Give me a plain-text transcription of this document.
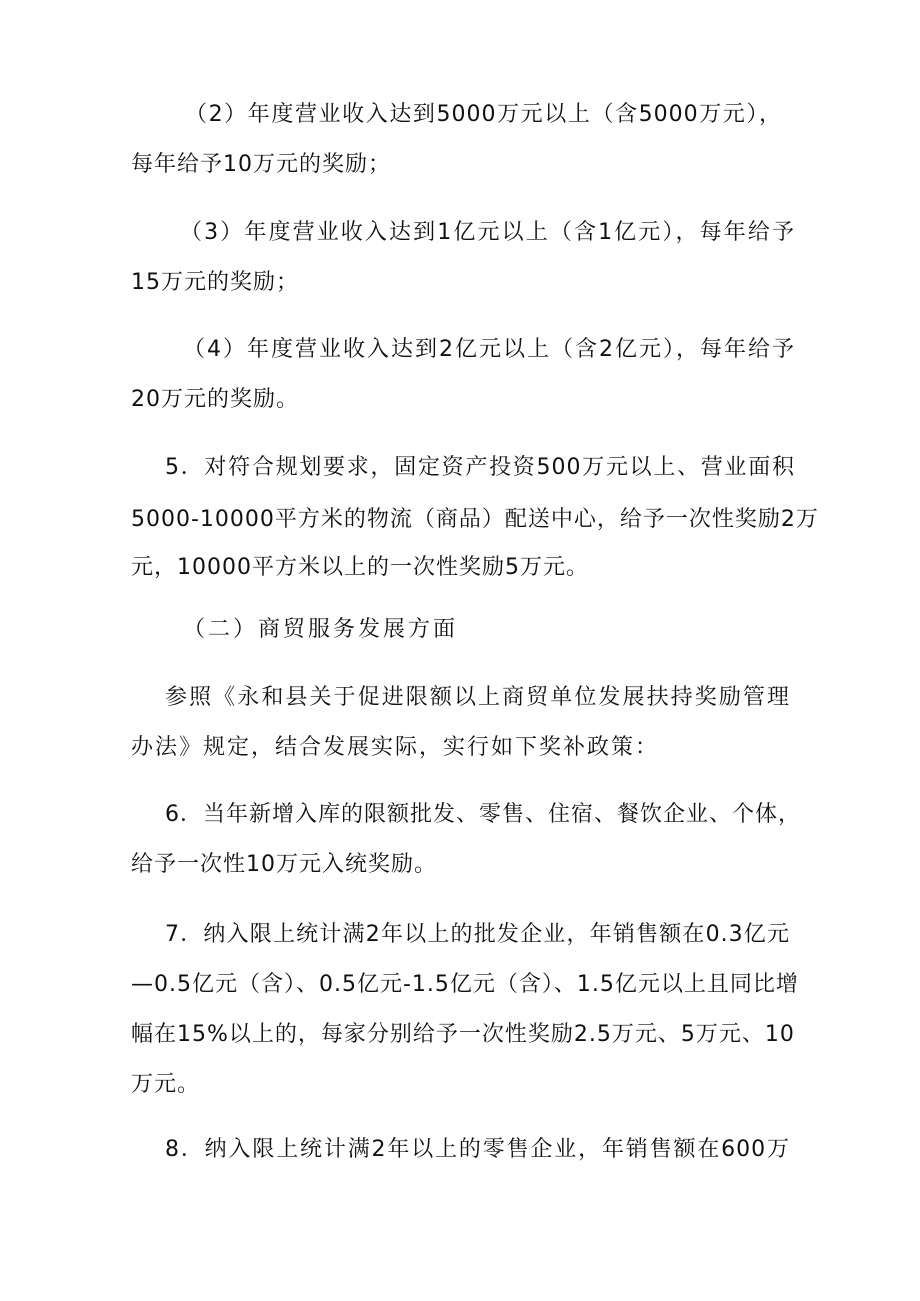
（2）年度营业收入达到5000万元以上（含5000万元），
每年给予10万元的奖励；
（3）年度营业收入达到1亿元以上（含1亿元），每年给予
15万元的奖励；
（4）年度营业收入达到2亿元以上（含2亿元），每年给予
20万元的奖励。
5．对符合规划要求，固定资产投资500万元以上、营业面积
5000-10000平方米的物流（商品）配送中心，给予一次性奖励2万
元，10000平方米以上的一次性奖励5万元。
（二）商贸服务发展方面
参照《永和县关于促进限额以上商贸单位发展扶持奖励管理
办法》规定，结合发展实际，实行如下奖补政策：
6．当年新增入库的限额批发、零售、住宿、餐饮企业、个体，
给予一次性10万元入统奖励。
7．纳入限上统计满2年以上的批发企业，年销售额在0.3亿元
—0.5亿元（含）、0.5亿元-1.5亿元（含）、1.5亿元以上且同比增
幅在15%以上的，每家分别给予一次性奖励2.5万元、5万元、10
万元。
8．纳入限上统计满2年以上的零售企业，年销售额在600万
